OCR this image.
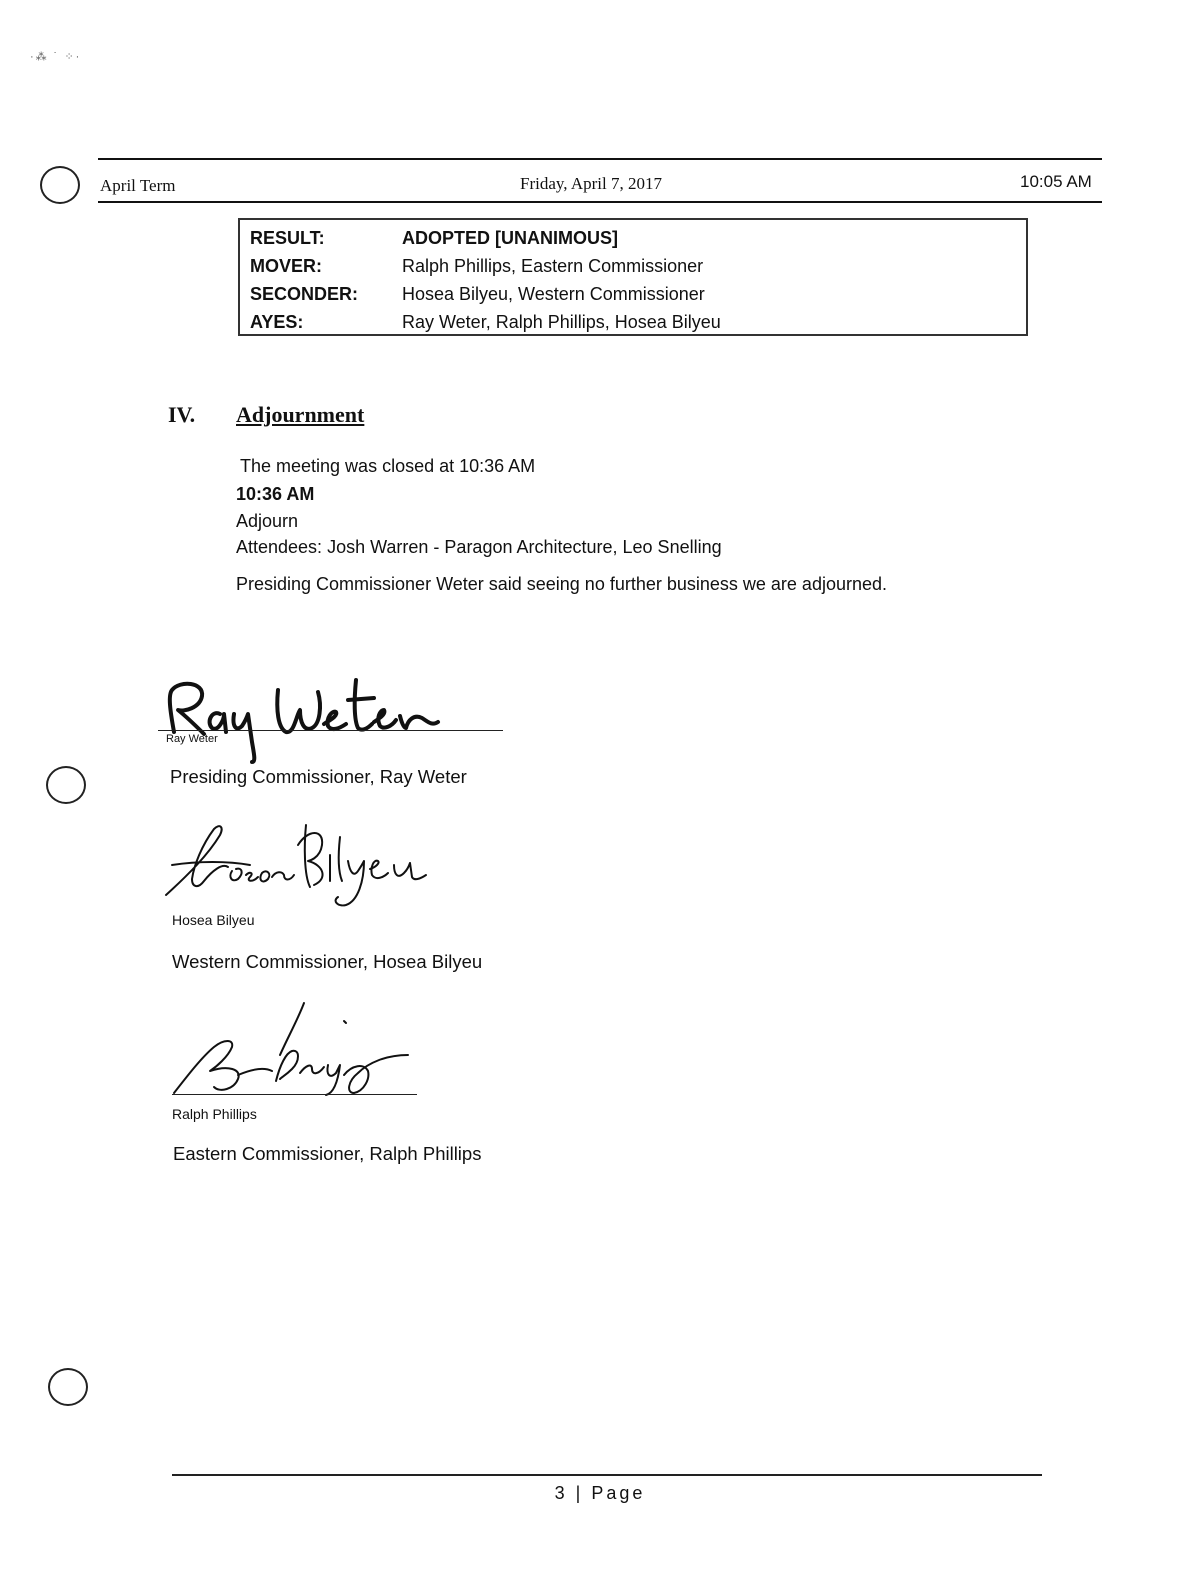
·⁂ ˙ ⁘·
April Term	Friday, April 7, 2017	10:05 AM
RESULT:	ADOPTED [UNANIMOUS]
MOVER:	Ralph Phillips, Eastern Commissioner
SECONDER:	Hosea Bilyeu, Western Commissioner
AYES:	Ray Weter, Ralph Phillips, Hosea Bilyeu
IV. Adjournment
The meeting was closed at 10:36 AM
10:36 AM
Adjourn
Attendees: Josh Warren - Paragon Architecture, Leo Snelling
Presiding Commissioner Weter said seeing no further business we are adjourned.
Ray Weter
Presiding Commissioner, Ray Weter
Hosea Bilyeu
Western Commissioner, Hosea Bilyeu
Ralph Phillips
Eastern Commissioner, Ralph Phillips
3 | Page
